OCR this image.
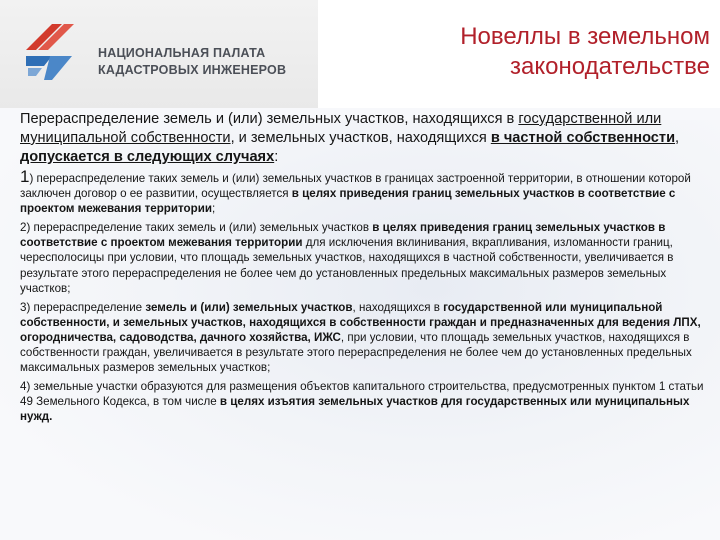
НАЦИОНАЛЬНАЯ ПАЛАТА
КАДАСТРОВЫХ ИНЖЕНЕРОВ
Новеллы в земельном
законодательстве

Перераспределение земель и (или) земельных участков, находящихся в государственной или муниципальной собственности, и земельных участков, находящихся в частной собственности, допускается в следующих случаях:

1) перераспределение таких земель и (или) земельных участков в границах застроенной территории, в отношении которой заключен договор о ее развитии, осуществляется в целях приведения границ земельных участков в соответствие с проектом межевания территории;

2) перераспределение таких земель и (или) земельных участков в целях приведения границ земельных участков в соответствие с проектом межевания территории для исключения вклинивания, вкрапливания, изломанности границ, чересполосицы при условии, что площадь земельных участков, находящихся в частной собственности, увеличивается в результате этого перераспределения не более чем до установленных предельных максимальных размеров земельных участков;

3) перераспределение земель и (или) земельных участков, находящихся в государственной или муниципальной собственности, и земельных участков, находящихся в собственности граждан и предназначенных для ведения ЛПХ, огородничества, садоводства, дачного хозяйства, ИЖС, при условии, что площадь земельных участков, находящихся в собственности граждан, увеличивается в результате этого перераспределения не более чем до установленных предельных максимальных размеров земельных участков;

4) земельные участки образуются для размещения объектов капитального строительства, предусмотренных пунктом 1 статьи 49 Земельного Кодекса, в том числе в целях изъятия земельных участков для государственных или муниципальных нужд.
